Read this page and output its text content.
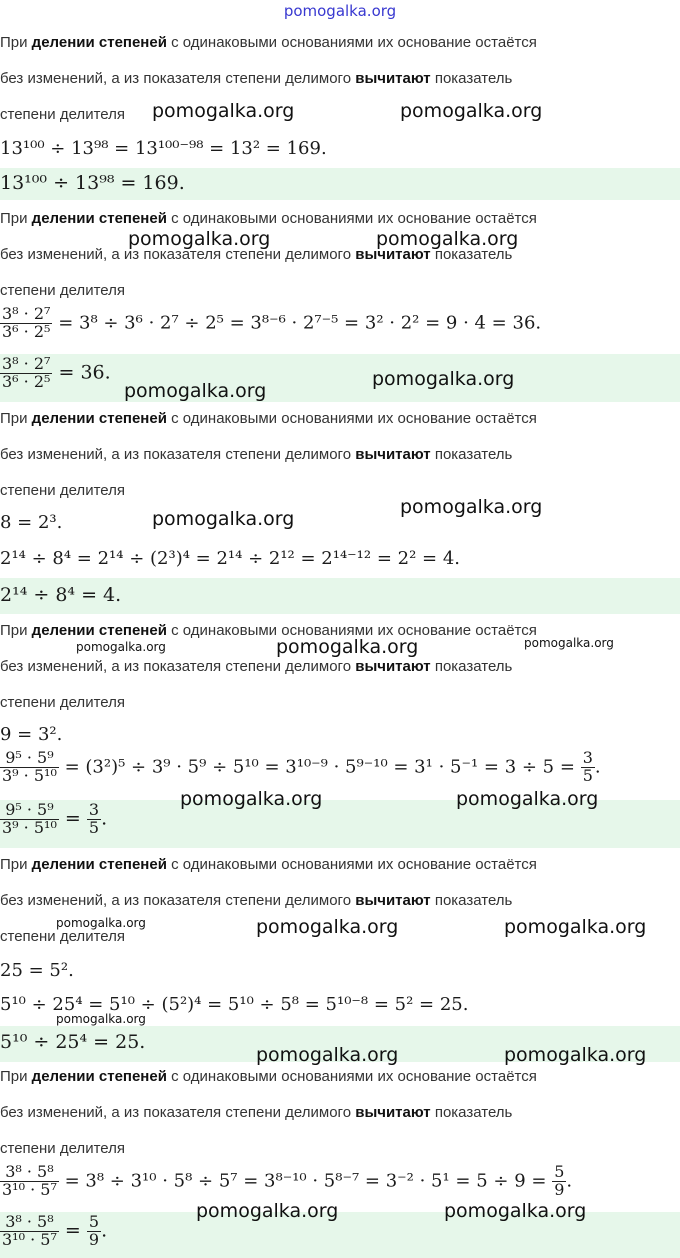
pomogalka.org
При делении степеней с одинаковыми основаниями их основание остаётся
без изменений, а из показателя степени делимого вычитают показатель
степени делителя
13¹⁰⁰ ÷ 13⁹⁸ = 13¹⁰⁰⁻⁹⁸ = 13² = 169.
13¹⁰⁰ ÷ 13⁹⁸ = 169.
При делении степеней с одинаковыми основаниями их основание остаётся
без изменений, а из показателя степени делимого вычитают показатель
степени делителя
$\frac{\text{3⁸ · 2⁷}}{\text{3⁶ · 2⁵}} = 3^8 \div 3^6 \cdot 2^7 \div 2^5 = 3^{8-6} \cdot 2^{7-5} = 3^2 \cdot 2^2 = 9 \cdot 4 = 36$.
$\frac{\text{3⁸ · 2⁷}}{\text{3⁶ · 2⁵}} = 36$.
При делении степеней с одинаковыми основаниями их основание остаётся
без изменений, а из показателя степени делимого вычитают показатель
степени делителя
8 = 2³.
2¹⁴ ÷ 8⁴ = 2¹⁴ ÷ (2³)⁴ = 2¹⁴ ÷ 2¹² = 2¹⁴⁻¹² = 2² = 4.
2¹⁴ ÷ 8⁴ = 4.
При делении степеней с одинаковыми основаниями их основание остаётся
без изменений, а из показателя степени делимого вычитают показатель
степени делителя
9 = 3².
$\frac{\text{9⁵ · 5⁹}}{\text{3⁹ · 5¹⁰}} = (3^2)^5 \div 3^9 \cdot 5^9 \div 5^{10} = 3^{10-9} \cdot 5^{9-10} = 3^1 \cdot 5^{-1} = 3 \div 5 = \frac{3}{5}$ .
$\frac{\text{9⁵ · 5⁹}}{\text{3⁹ · 5¹⁰}} = \frac{3}{5}$ .
При делении степеней с одинаковыми основаниями их основание остаётся
без изменений, а из показателя степени делимого вычитают показатель
степени делителя
25 = 5².
5¹⁰ ÷ 25⁴ = 5¹⁰ ÷ (5²)⁴ = 5¹⁰ ÷ 5⁸ = 5¹⁰⁻⁸ = 5² = 25.
5¹⁰ ÷ 25⁴ = 25.
При делении степеней с одинаковыми основаниями их основание остаётся
без изменений, а из показателя степени делимого вычитают показатель
степени делителя
$\frac{\text{3⁸ · 5⁸}}{\text{3¹⁰ · 5⁷}} = 3^8 \div 3^{10} \cdot 5^8 \div 5^7 = 3^{8-10} \cdot 5^{8-7} = 3^{-2} \cdot 5^1 = 5 \div 9 = \frac{5}{9}$ .
$\frac{\text{3⁸ · 5⁸}}{\text{3¹⁰ · 5⁷}} = \frac{5}{9}$ .
pomogalka.org	pomogalka.org
pomogalka.org	pomogalka.org
pomogalka.org
pomogalka.org
pomogalka.org
pomogalka.org
pomogalka.org	pomogalka.org	pomogalka.org
pomogalka.org	pomogalka.org
pomogalka.org	pomogalka.org	pomogalka.org
pomogalka.org
pomogalka.org	pomogalka.org
pomogalka.org	pomogalka.org
